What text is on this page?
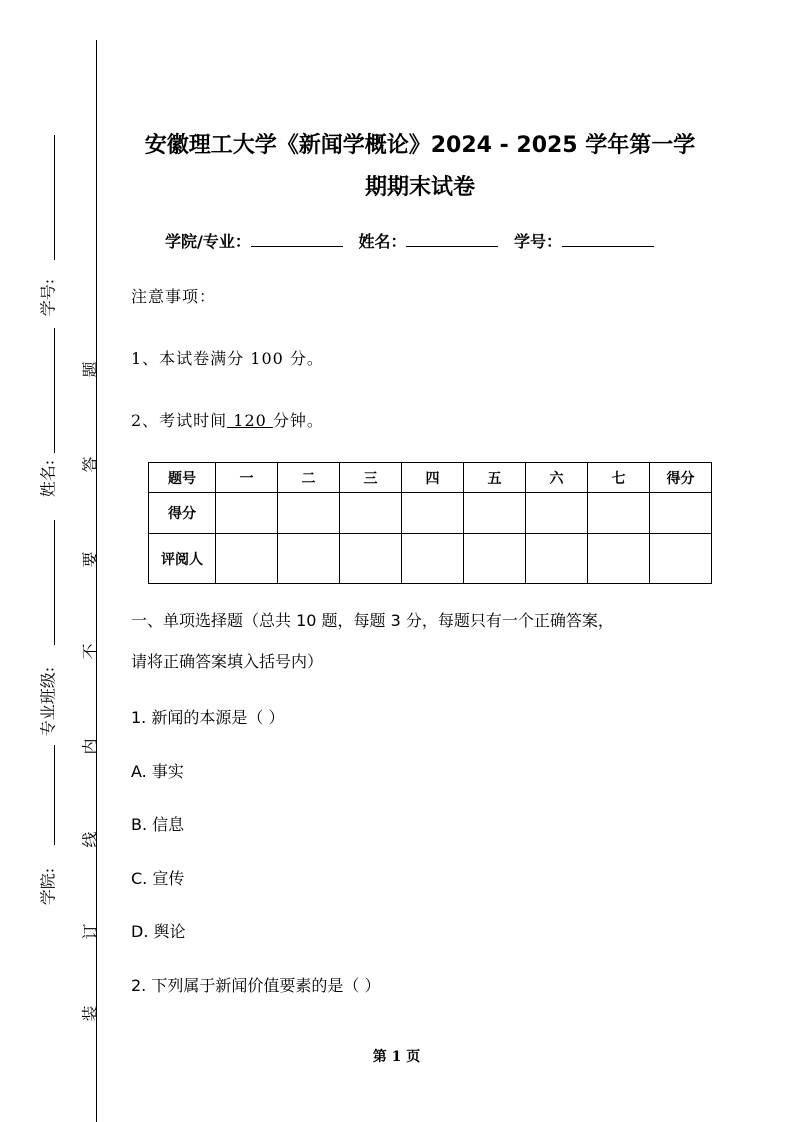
学号:
姓名:
专业班级:
学院:
题
答
要
不
内
线
订
装
安徽理工大学《新闻学概论》2024 - 2025 学年第一学
期期末试卷
学院/专业：	姓名：	学号：
注意事项：
1、本试卷满分 100 分。
2、考试时间 120 分钟。
题号	一	二	三	四	五	六	七	得分
得分								
评阅人								
一、单项选择题（总共 10 题，每题 3 分，每题只有一个正确答案，
请将正确答案填入括号内）
1. 新闻的本源是（ ）
A. 事实
B. 信息
C. 宣传
D. 舆论
2. 下列属于新闻价值要素的是（ ）
第 1 页
